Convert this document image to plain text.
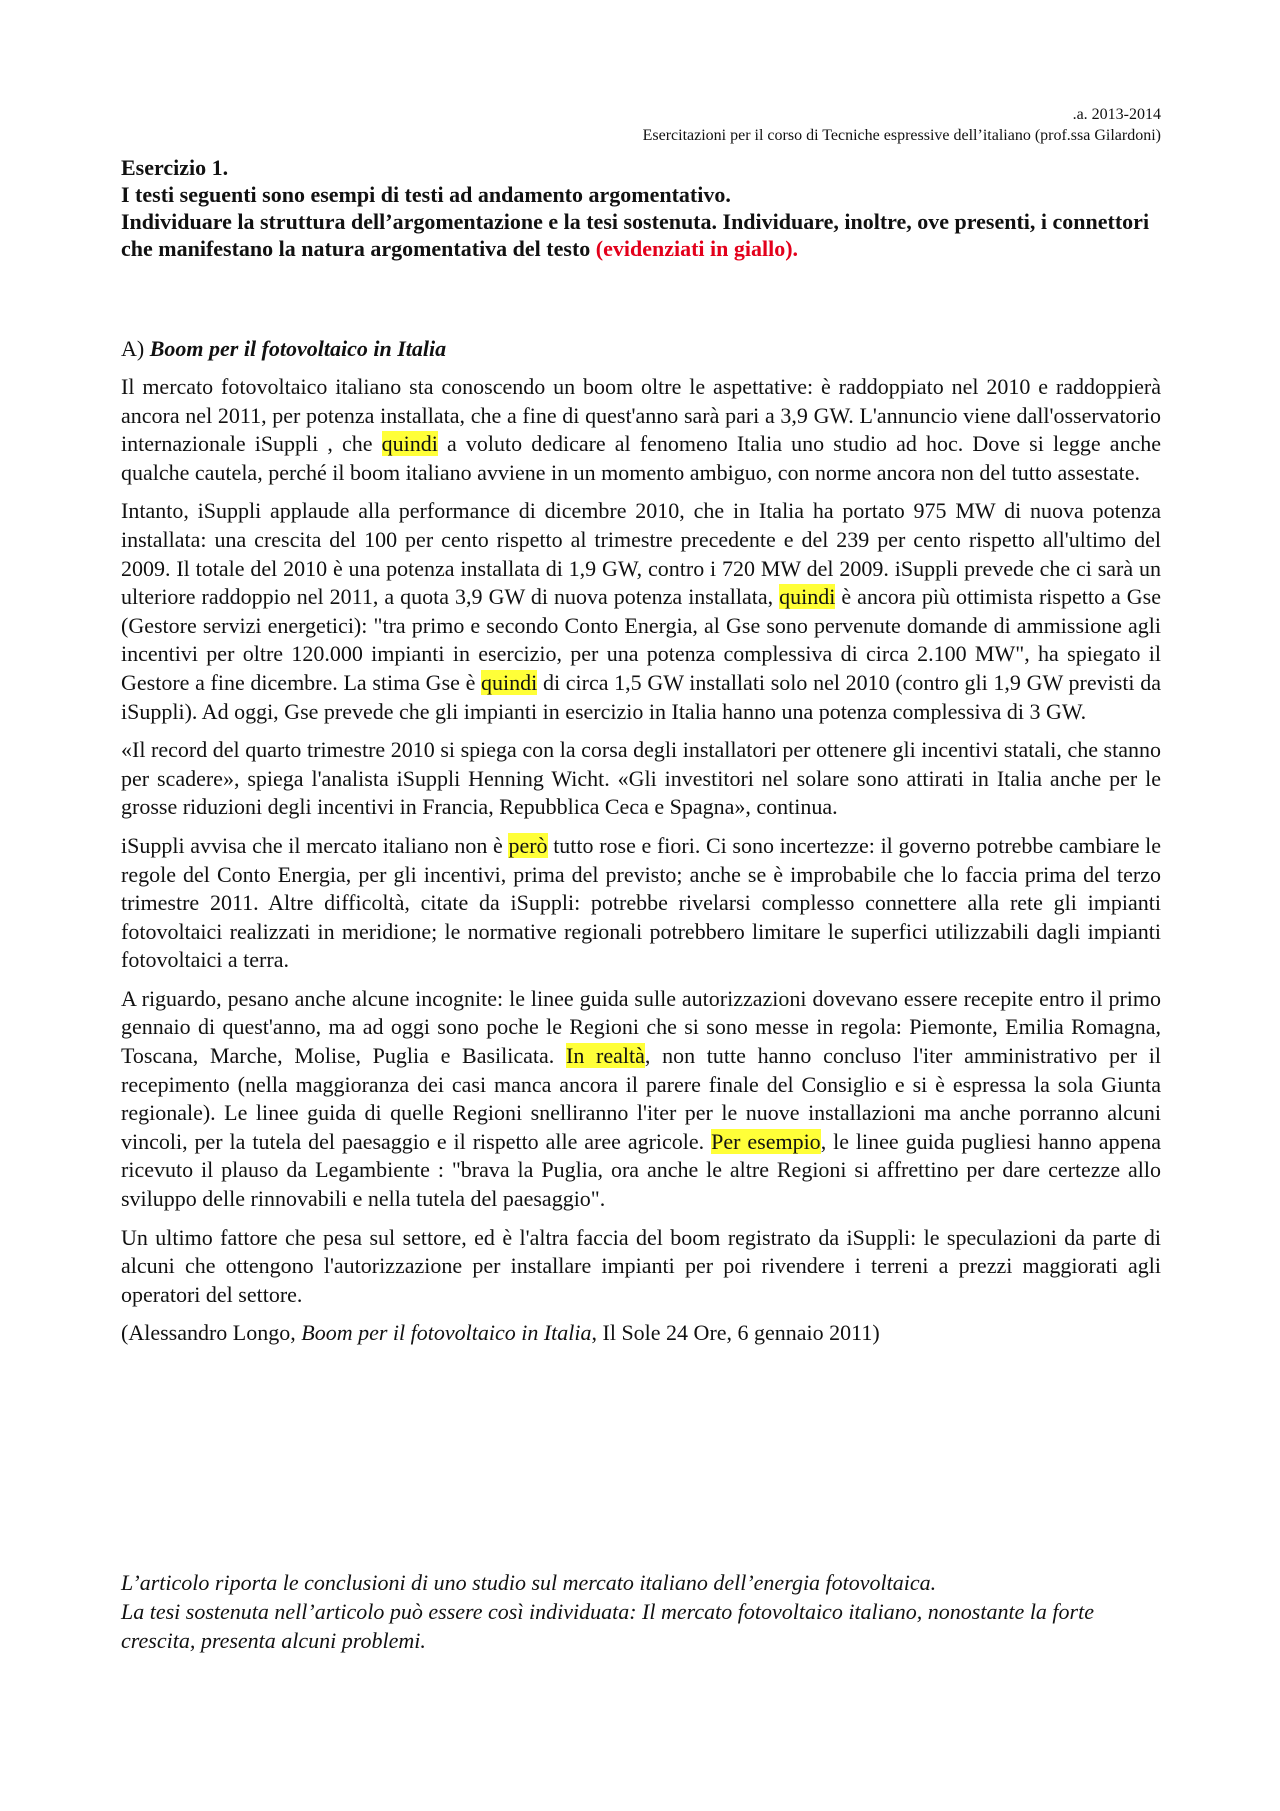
.a. 2013-2014
Esercitazioni per il corso di Tecniche espressive dell’italiano (prof.ssa Gilardoni)
Esercizio 1.
I testi seguenti sono esempi di testi ad andamento argomentativo.
Individuare la struttura dell’argomentazione e la tesi sostenuta. Individuare, inoltre, ove presenti, i connettori che manifestano la natura argomentativa del testo (evidenziati in giallo).
A) Boom per il fotovoltaico in Italia

Il mercato fotovoltaico italiano sta conoscendo un boom oltre le aspettative: è raddoppiato nel 2010 e raddoppierà ancora nel 2011, per potenza installata, che a fine di quest'anno sarà pari a 3,9 GW. L'annuncio viene dall'osservatorio internazionale iSuppli , che quindi a voluto dedicare al fenomeno Italia uno studio ad hoc. Dove si legge anche qualche cautela, perché il boom italiano avviene in un momento ambiguo, con norme ancora non del tutto assestate.

Intanto, iSuppli applaude alla performance di dicembre 2010, che in Italia ha portato 975 MW di nuova potenza installata: una crescita del 100 per cento rispetto al trimestre precedente e del 239 per cento rispetto all'ultimo del 2009. Il totale del 2010 è una potenza installata di 1,9 GW, contro i 720 MW del 2009. iSuppli prevede che ci sarà un ulteriore raddoppio nel 2011, a quota 3,9 GW di nuova potenza installata, quindi è ancora più ottimista rispetto a Gse (Gestore servizi energetici): "tra primo e secondo Conto Energia, al Gse sono pervenute domande di ammissione agli incentivi per oltre 120.000 impianti in esercizio, per una potenza complessiva di circa 2.100 MW", ha spiegato il Gestore a fine dicembre. La stima Gse è quindi di circa 1,5 GW installati solo nel 2010 (contro gli 1,9 GW previsti da iSuppli). Ad oggi, Gse prevede che gli impianti in esercizio in Italia hanno una potenza complessiva di 3 GW.

«Il record del quarto trimestre 2010 si spiega con la corsa degli installatori per ottenere gli incentivi statali, che stanno per scadere», spiega l'analista iSuppli Henning Wicht. «Gli investitori nel solare sono attirati in Italia anche per le grosse riduzioni degli incentivi in Francia, Repubblica Ceca e Spagna», continua.

iSuppli avvisa che il mercato italiano non è però tutto rose e fiori. Ci sono incertezze: il governo potrebbe cambiare le regole del Conto Energia, per gli incentivi, prima del previsto; anche se è improbabile che lo faccia prima del terzo trimestre 2011. Altre difficoltà, citate da iSuppli: potrebbe rivelarsi complesso connettere alla rete gli impianti fotovoltaici realizzati in meridione; le normative regionali potrebbero limitare le superfici utilizzabili dagli impianti fotovoltaici a terra.

A riguardo, pesano anche alcune incognite: le linee guida sulle autorizzazioni dovevano essere recepite entro il primo gennaio di quest'anno, ma ad oggi sono poche le Regioni che si sono messe in regola: Piemonte, Emilia Romagna, Toscana, Marche, Molise, Puglia e Basilicata. In realtà, non tutte hanno concluso l'iter amministrativo per il recepimento (nella maggioranza dei casi manca ancora il parere finale del Consiglio e si è espressa la sola Giunta regionale). Le linee guida di quelle Regioni snelliranno l'iter per le nuove installazioni ma anche porranno alcuni vincoli, per la tutela del paesaggio e il rispetto alle aree agricole. Per esempio, le linee guida pugliesi hanno appena ricevuto il plauso da Legambiente : "brava la Puglia, ora anche le altre Regioni si affrettino per dare certezze allo sviluppo delle rinnovabili e nella tutela del paesaggio".

Un ultimo fattore che pesa sul settore, ed è l'altra faccia del boom registrato da iSuppli: le speculazioni da parte di alcuni che ottengono l'autorizzazione per installare impianti per poi rivendere i terreni a prezzi maggiorati agli operatori del settore.

(Alessandro Longo, Boom per il fotovoltaico in Italia, Il Sole 24 Ore, 6 gennaio 2011)

L’articolo riporta le conclusioni di uno studio sul mercato italiano dell’energia fotovoltaica.
La tesi sostenuta nell’articolo può essere così individuata: Il mercato fotovoltaico italiano, nonostante la forte crescita, presenta alcuni problemi.
